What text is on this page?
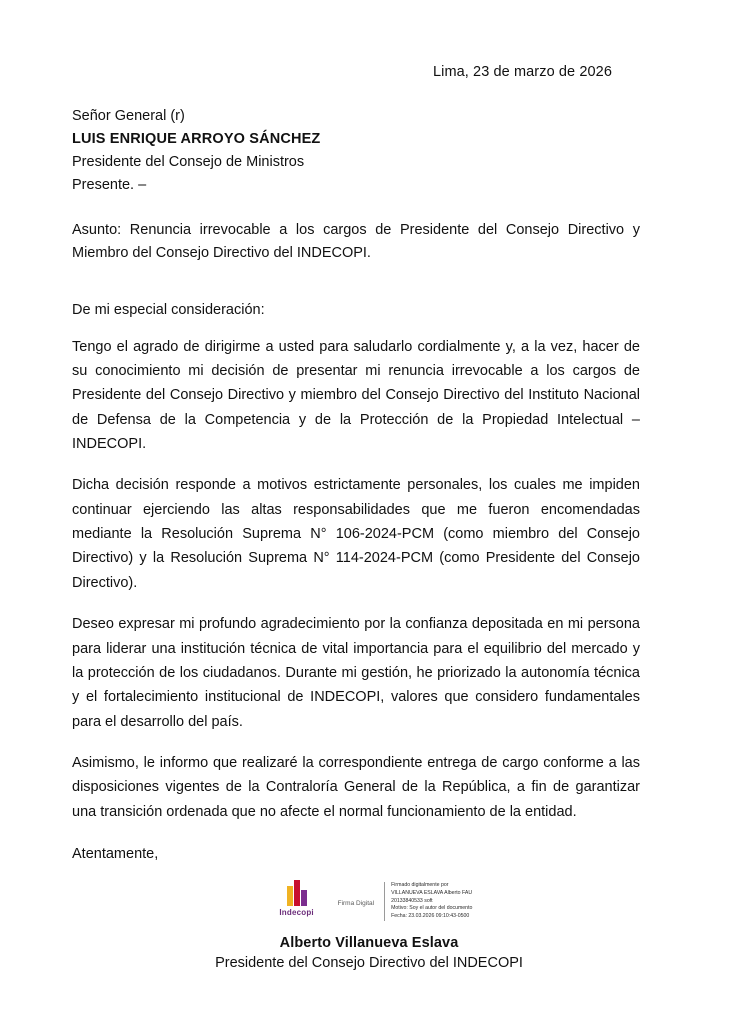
Lima, 23 de marzo de 2026
Señor General (r)
LUIS ENRIQUE ARROYO SÁNCHEZ
Presidente del Consejo de Ministros
Presente. –
Asunto: Renuncia irrevocable a los cargos de Presidente del Consejo Directivo y Miembro del Consejo Directivo del INDECOPI.
De mi especial consideración:
Tengo el agrado de dirigirme a usted para saludarlo cordialmente y, a la vez, hacer de su conocimiento mi decisión de presentar mi renuncia irrevocable a los cargos de Presidente del Consejo Directivo y miembro del Consejo Directivo del Instituto Nacional de Defensa de la Competencia y de la Protección de la Propiedad Intelectual – INDECOPI.
Dicha decisión responde a motivos estrictamente personales, los cuales me impiden continuar ejerciendo las altas responsabilidades que me fueron encomendadas mediante la Resolución Suprema N° 106-2024-PCM (como miembro del Consejo Directivo) y la Resolución Suprema N° 114-2024-PCM (como Presidente del Consejo Directivo).
Deseo expresar mi profundo agradecimiento por la confianza depositada en mi persona para liderar una institución técnica de vital importancia para el equilibrio del mercado y la protección de los ciudadanos. Durante mi gestión, he priorizado la autonomía técnica y el fortalecimiento institucional de INDECOPI, valores que considero fundamentales para el desarrollo del país.
Asimismo, le informo que realizaré la correspondiente entrega de cargo conforme a las disposiciones vigentes de la Contraloría General de la República, a fin de garantizar una transición ordenada que no afecte el normal funcionamiento de la entidad.
Atentamente,
Indecopi
Firma Digital
Firmado digitalmente por
VILLANUEVA ESLAVA Alberto FAU
20133840533 soft
Motivo: Soy el autor del documento
Fecha: 23.03.2026 09:10:43-0500
Alberto Villanueva Eslava
Presidente del Consejo Directivo del INDECOPI
